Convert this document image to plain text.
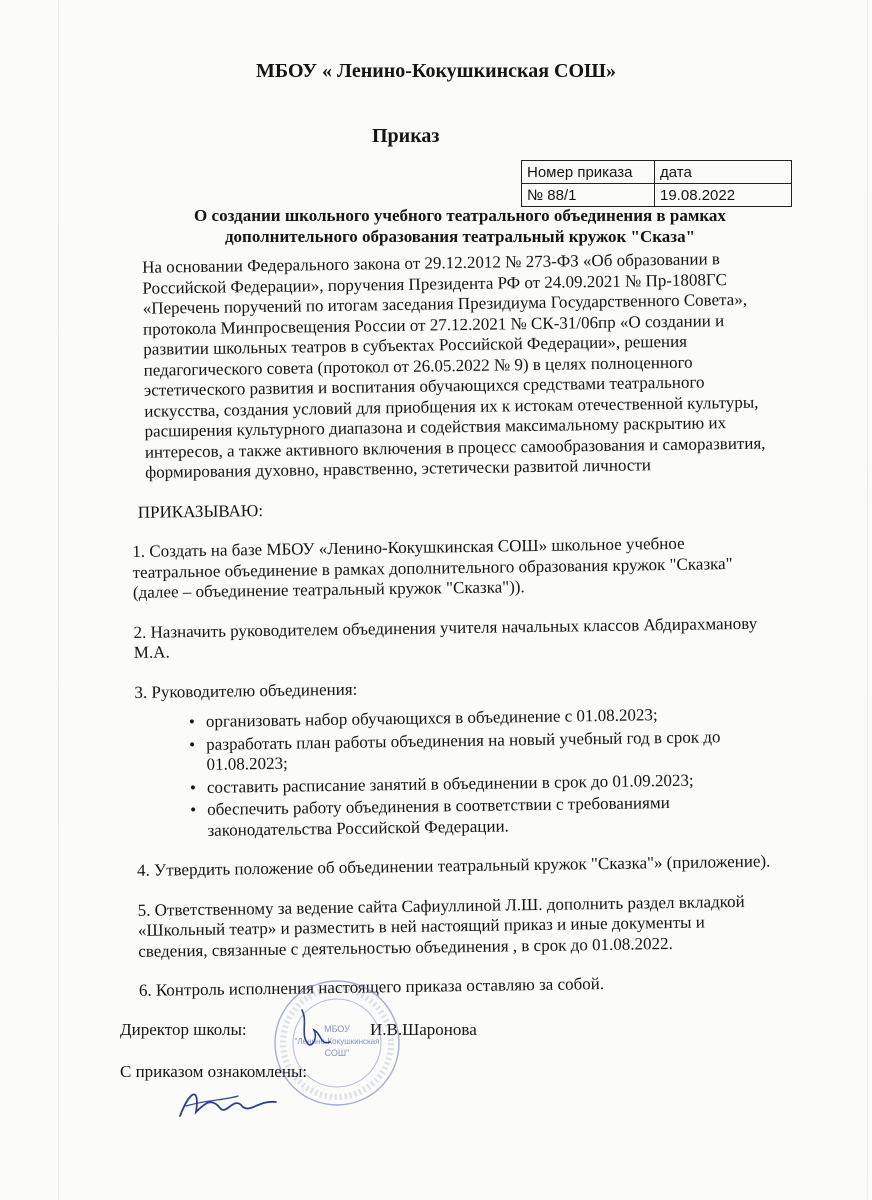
МБОУ « Ленино-Кокушкинская СОШ»
Приказ
Номер приказа	дата
№ 88/1	19.08.2022
О создании школьного учебного театрального объединения в рамках дополнительного образования театральный кружок "Сказа"

На основании Федерального закона от 29.12.2012 № 273-ФЗ «Об образовании в Российской Федерации», поручения Президента РФ от 24.09.2021 № Пр-1808ГС «Перечень поручений по итогам заседания Президиума Государственного Совета», протокола Минпросвещения России от 27.12.2021 № СК-31/06пр «О создании и развитии школьных театров в субъектах Российской Федерации», решения педагогического совета (протокол от 26.05.2022 № 9) в целях полноценного эстетического развития и воспитания обучающихся средствами театрального искусства, создания условий для приобщения их к истокам отечественной культуры, расширения культурного диапазона и содействия максимальному раскрытию их интересов, а также активного включения в процесс самообразования и саморазвития, формирования духовно, нравственно, эстетически развитой личности

ПРИКАЗЫВАЮ:

1. Создать на базе МБОУ «Ленино-Кокушкинская СОШ» школьное учебное театральное объединение в рамках дополнительного образования кружок "Сказка" (далее – объединение театральный кружок "Сказка")).

2. Назначить руководителем объединения учителя начальных классов Абдирахманову М.А.

3. Руководителю объединения:

• организовать набор обучающихся в объединение с 01.08.2023;
• разработать план работы объединения на новый учебный год в срок до 01.08.2023;
• составить расписание занятий в объединении в срок до 01.09.2023;
• обеспечить работу объединения в соответствии с требованиями законодательства Российской Федерации.

4. Утвердить положение об объединении театральный кружок "Сказка"» (приложение).

5. Ответственному за ведение сайта Сафиуллиной Л.Ш. дополнить раздел вкладкой «Школьный театр» и разместить в ней настоящий приказ и иные документы и сведения, связанные с деятельностью объединения , в срок до 01.08.2022.

6. Контроль исполнения настоящего приказа оставляю за собой.

Директор школы:	И.В.Шаронова
С приказом ознакомлены:
МБОУ
"Ленино-Кокушкинская
СОШ"
